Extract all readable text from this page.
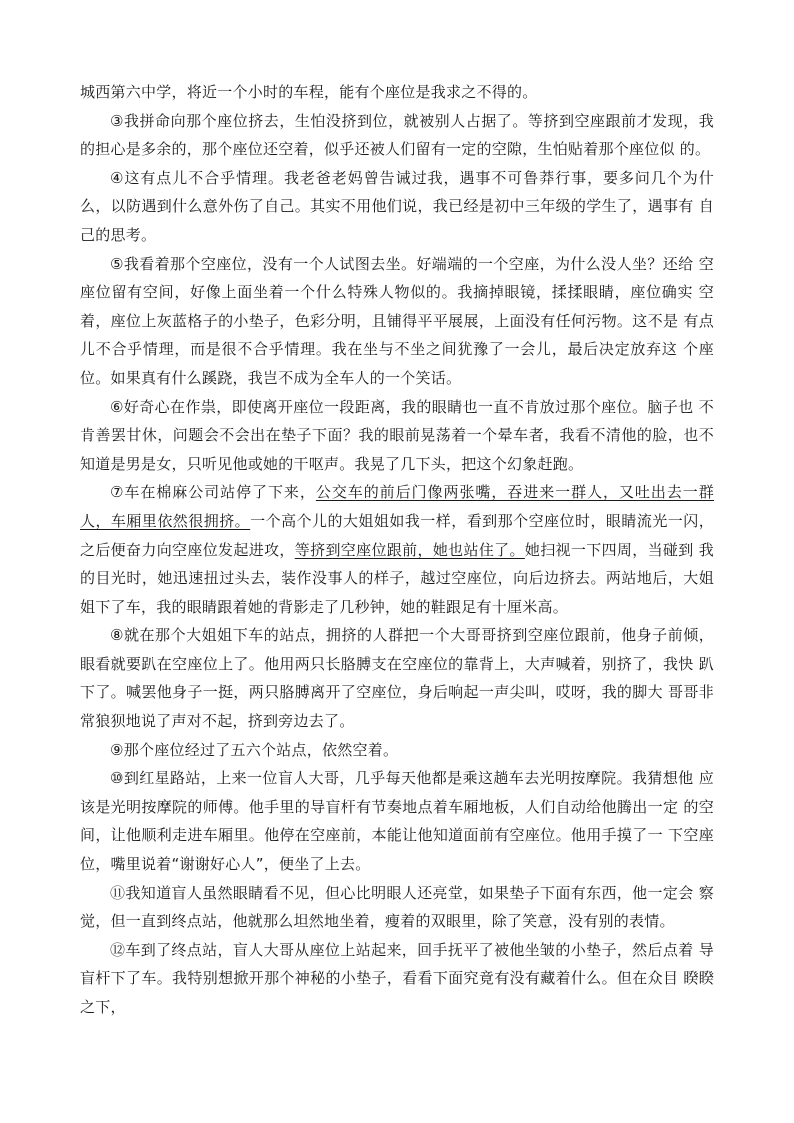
城西第六中学，将近一个小时的车程，能有个座位是我求之不得的。

③我拼命向那个座位挤去，生怕没挤到位，就被别人占据了。等挤到空座跟前才发现，我的担心是多余的，那个座位还空着，似乎还被人们留有一定的空隙，生怕贴着那个座位似 的。

④这有点儿不合乎情理。我老爸老妈曾告诫过我，遇事不可鲁莽行事，要多问几个为什 么，以防遇到什么意外伤了自己。其实不用他们说，我已经是初中三年级的学生了，遇事有 自己的思考。

⑤我看着那个空座位，没有一个人试图去坐。好端端的一个空座，为什么没人坐？还给 空座位留有空间，好像上面坐着一个什么特殊人物似的。我摘掉眼镜，揉揉眼睛，座位确实 空着，座位上灰蓝格子的小垫子，色彩分明，且铺得平平展展，上面没有任何污物。这不是 有点儿不合乎情理，而是很不合乎情理。我在坐与不坐之间犹豫了一会儿，最后决定放弃这 个座位。如果真有什么蹊跷，我岂不成为全车人的一个笑话。

⑥好奇心在作祟，即使离开座位一段距离，我的眼睛也一直不肯放过那个座位。脑子也 不肯善罢甘休，问题会不会出在垫子下面？我的眼前晃荡着一个晕车者，我看不清他的脸，也不知道是男是女，只听见他或她的干呕声。我晃了几下头，把这个幻象赶跑。

⑦车在棉麻公司站停了下来，公交车的前后门像两张嘴，吞进来一群人，又吐出去一群人，车厢里依然很拥挤。一个高个儿的大姐姐如我一样，看到那个空座位时，眼睛流光一闪，之后便奋力向空座位发起进攻，等挤到空座位跟前，她也站住了。她扫视一下四周，当碰到 我的目光时，她迅速扭过头去，装作没事人的样子，越过空座位，向后边挤去。两站地后，大姐姐下了车，我的眼睛跟着她的背影走了几秒钟，她的鞋跟足有十厘米高。

⑧就在那个大姐姐下车的站点，拥挤的人群把一个大哥哥挤到空座位跟前，他身子前倾，眼看就要趴在空座位上了。他用两只长胳膊支在空座位的靠背上，大声喊着，别挤了，我快 趴下了。喊罢他身子一挺，两只胳膊离开了空座位，身后响起一声尖叫，哎呀，我的脚大 哥哥非常狼狈地说了声对不起，挤到旁边去了。

⑨那个座位经过了五六个站点，依然空着。

⑩到红星路站，上来一位盲人大哥，几乎每天他都是乘这趟车去光明按摩院。我猜想他 应该是光明按摩院的师傅。他手里的导盲杆有节奏地点着车厢地板，人们自动给他腾出一定 的空间，让他顺利走进车厢里。他停在空座前，本能让他知道面前有空座位。他用手摸了一 下空座位，嘴里说着“谢谢好心人”，便坐了上去。

⑪我知道盲人虽然眼睛看不见，但心比明眼人还亮堂，如果垫子下面有东西，他一定会 察觉，但一直到终点站，他就那么坦然地坐着，瘦着的双眼里，除了笑意，没有别的表情。

⑫车到了终点站，盲人大哥从座位上站起来，回手抚平了被他坐皱的小垫子，然后点着 导盲杆下了车。我特别想掀开那个神秘的小垫子，看看下面究竟有没有藏着什么。但在众目 睽睽之下，
